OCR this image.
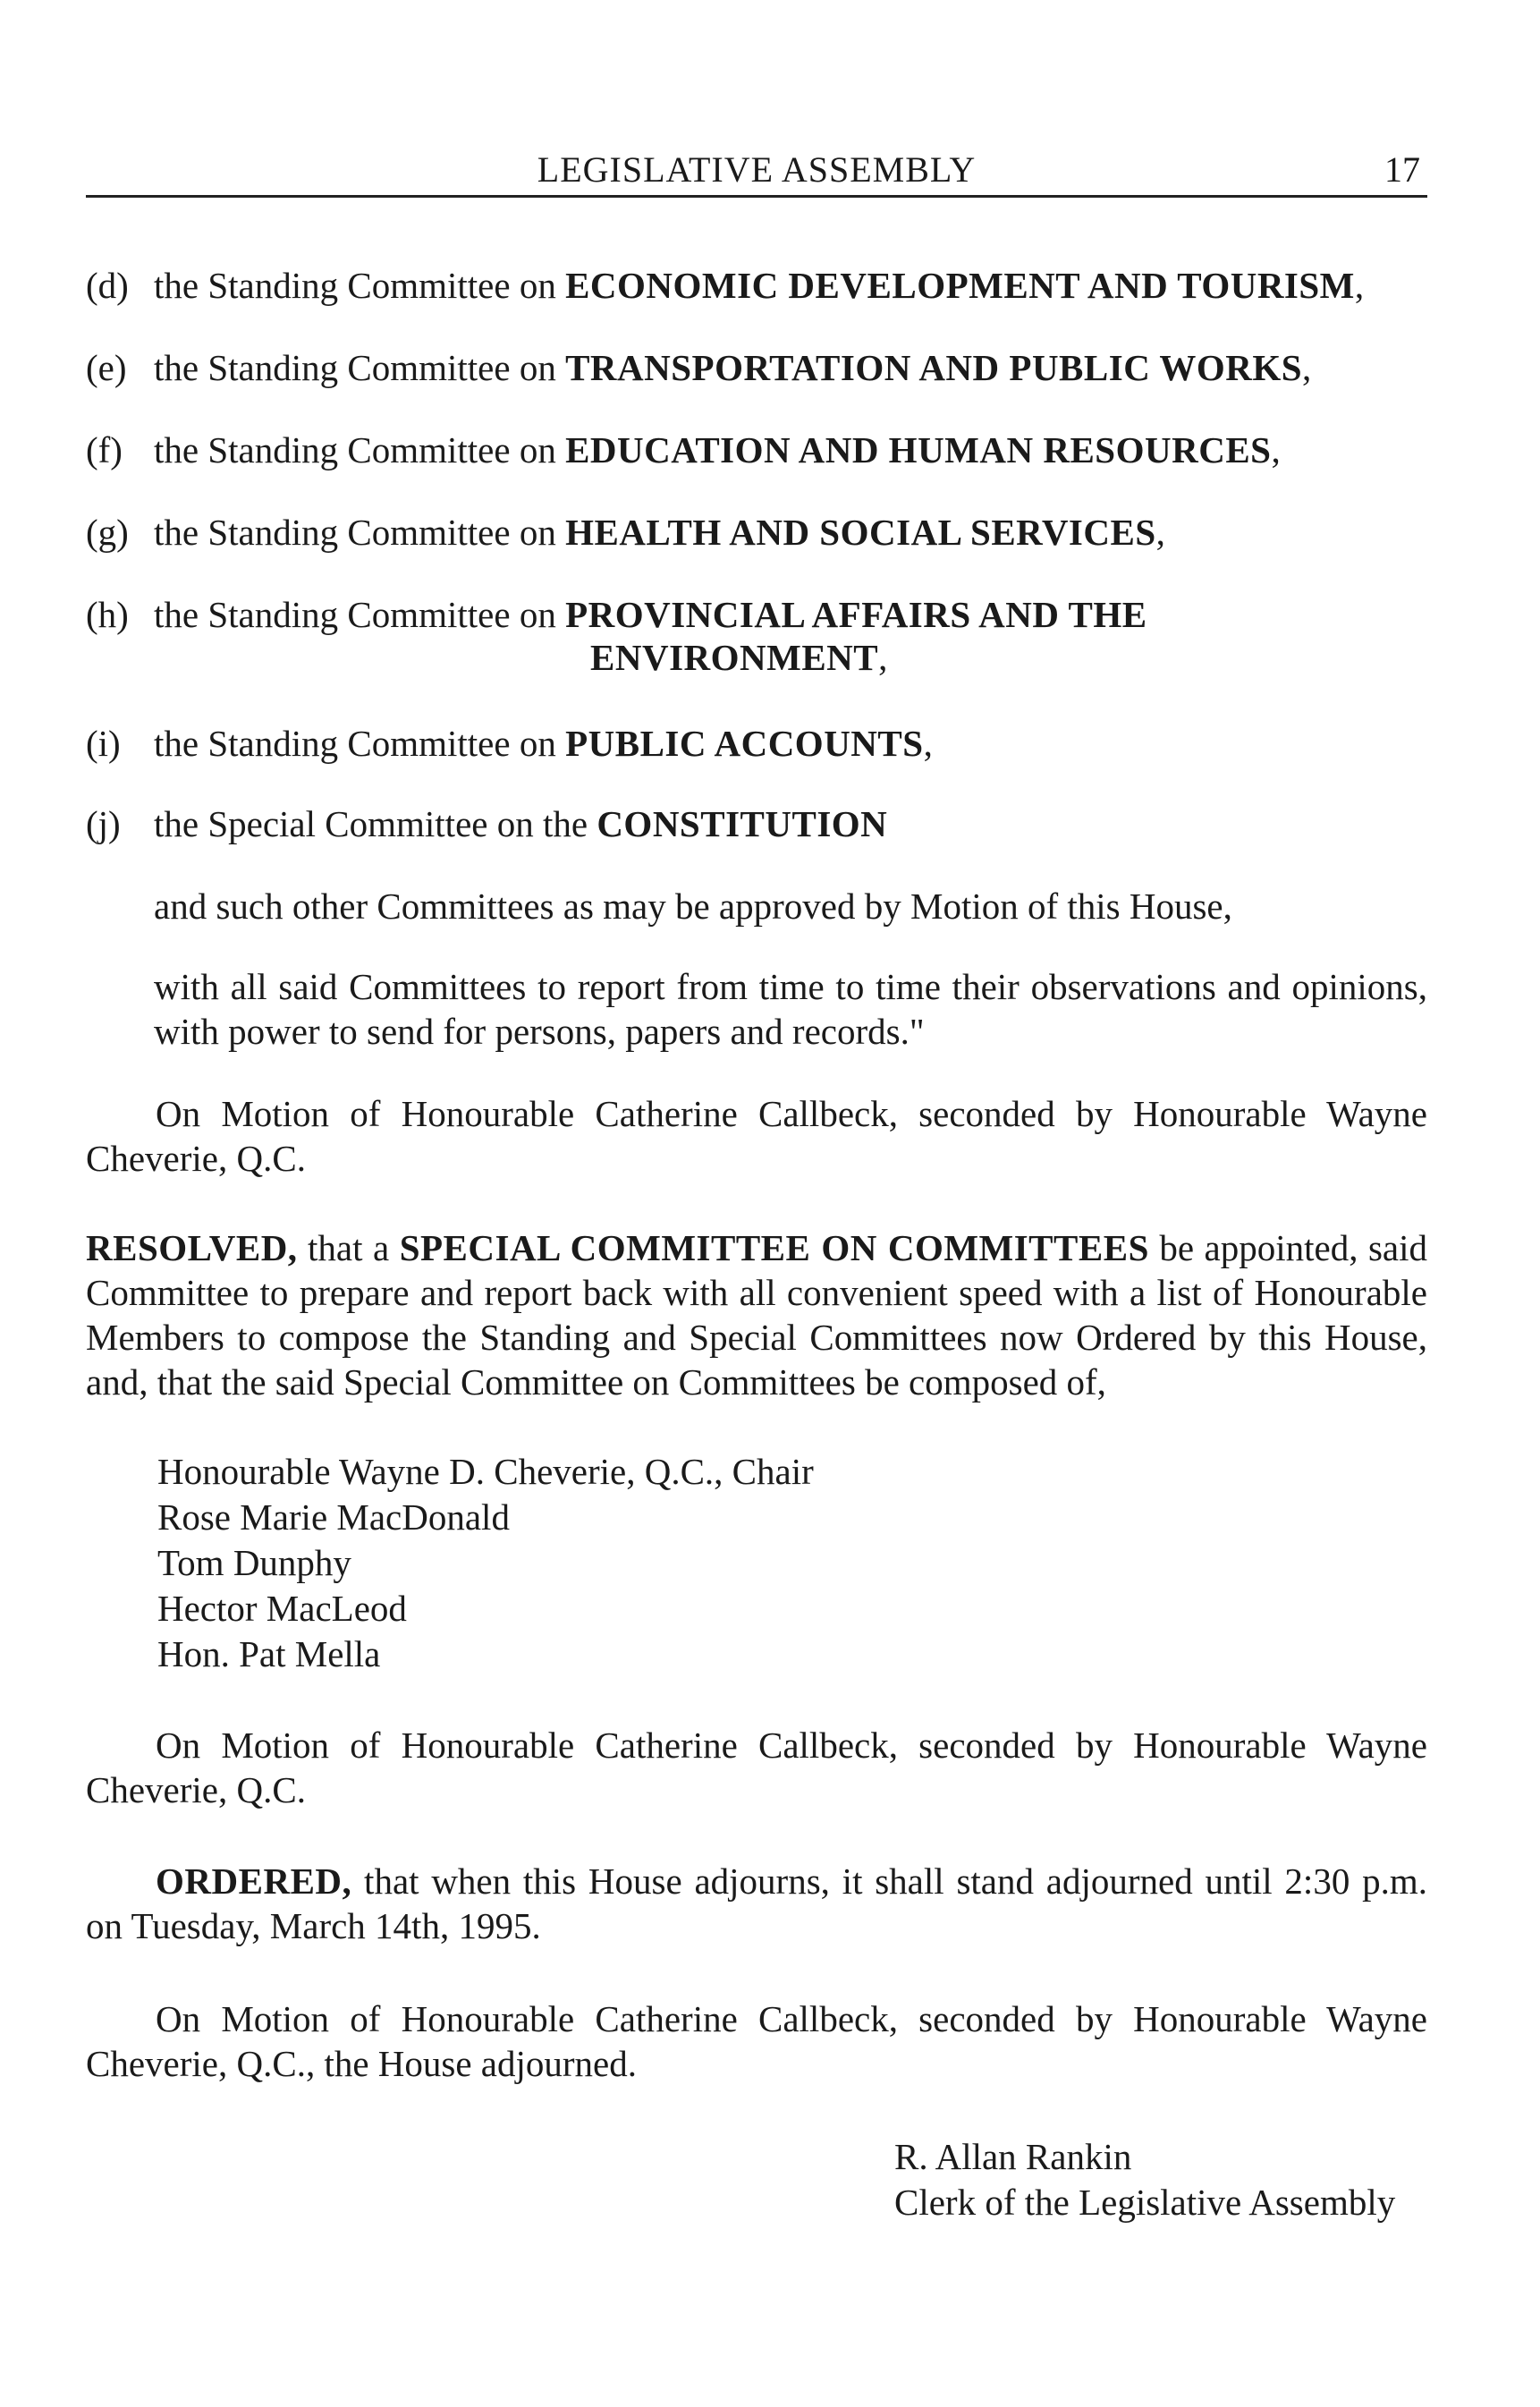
LEGISLATIVE ASSEMBLY	17
(d) the Standing Committee on ECONOMIC DEVELOPMENT AND TOURISM,
(e) the Standing Committee on TRANSPORTATION AND PUBLIC WORKS,
(f) the Standing Committee on EDUCATION AND HUMAN RESOURCES,
(g) the Standing Committee on HEALTH AND SOCIAL SERVICES,
(h) the Standing Committee on PROVINCIAL AFFAIRS AND THE
ENVIRONMENT,
(i) the Standing Committee on PUBLIC ACCOUNTS,
(j) the Special Committee on the CONSTITUTION
and such other Committees as may be approved by Motion of this House,
with all said Committees to report from time to time their observations and opinions, with power to send for persons, papers and records."
On Motion of Honourable Catherine Callbeck, seconded by Honourable Wayne Cheverie, Q.C.
RESOLVED, that a SPECIAL COMMITTEE ON COMMITTEES be appointed, said Committee to prepare and report back with all convenient speed with a list of Honourable Members to compose the Standing and Special Committees now Ordered by this House, and, that the said Special Committee on Committees be composed of,
Honourable Wayne D. Cheverie, Q.C., Chair
Rose Marie MacDonald
Tom Dunphy
Hector MacLeod
Hon. Pat Mella
On Motion of Honourable Catherine Callbeck, seconded by Honourable Wayne Cheverie, Q.C.
ORDERED, that when this House adjourns, it shall stand adjourned until 2:30 p.m. on Tuesday, March 14th, 1995.
On Motion of Honourable Catherine Callbeck, seconded by Honourable Wayne Cheverie, Q.C., the House adjourned.
R. Allan Rankin
Clerk of the Legislative Assembly
